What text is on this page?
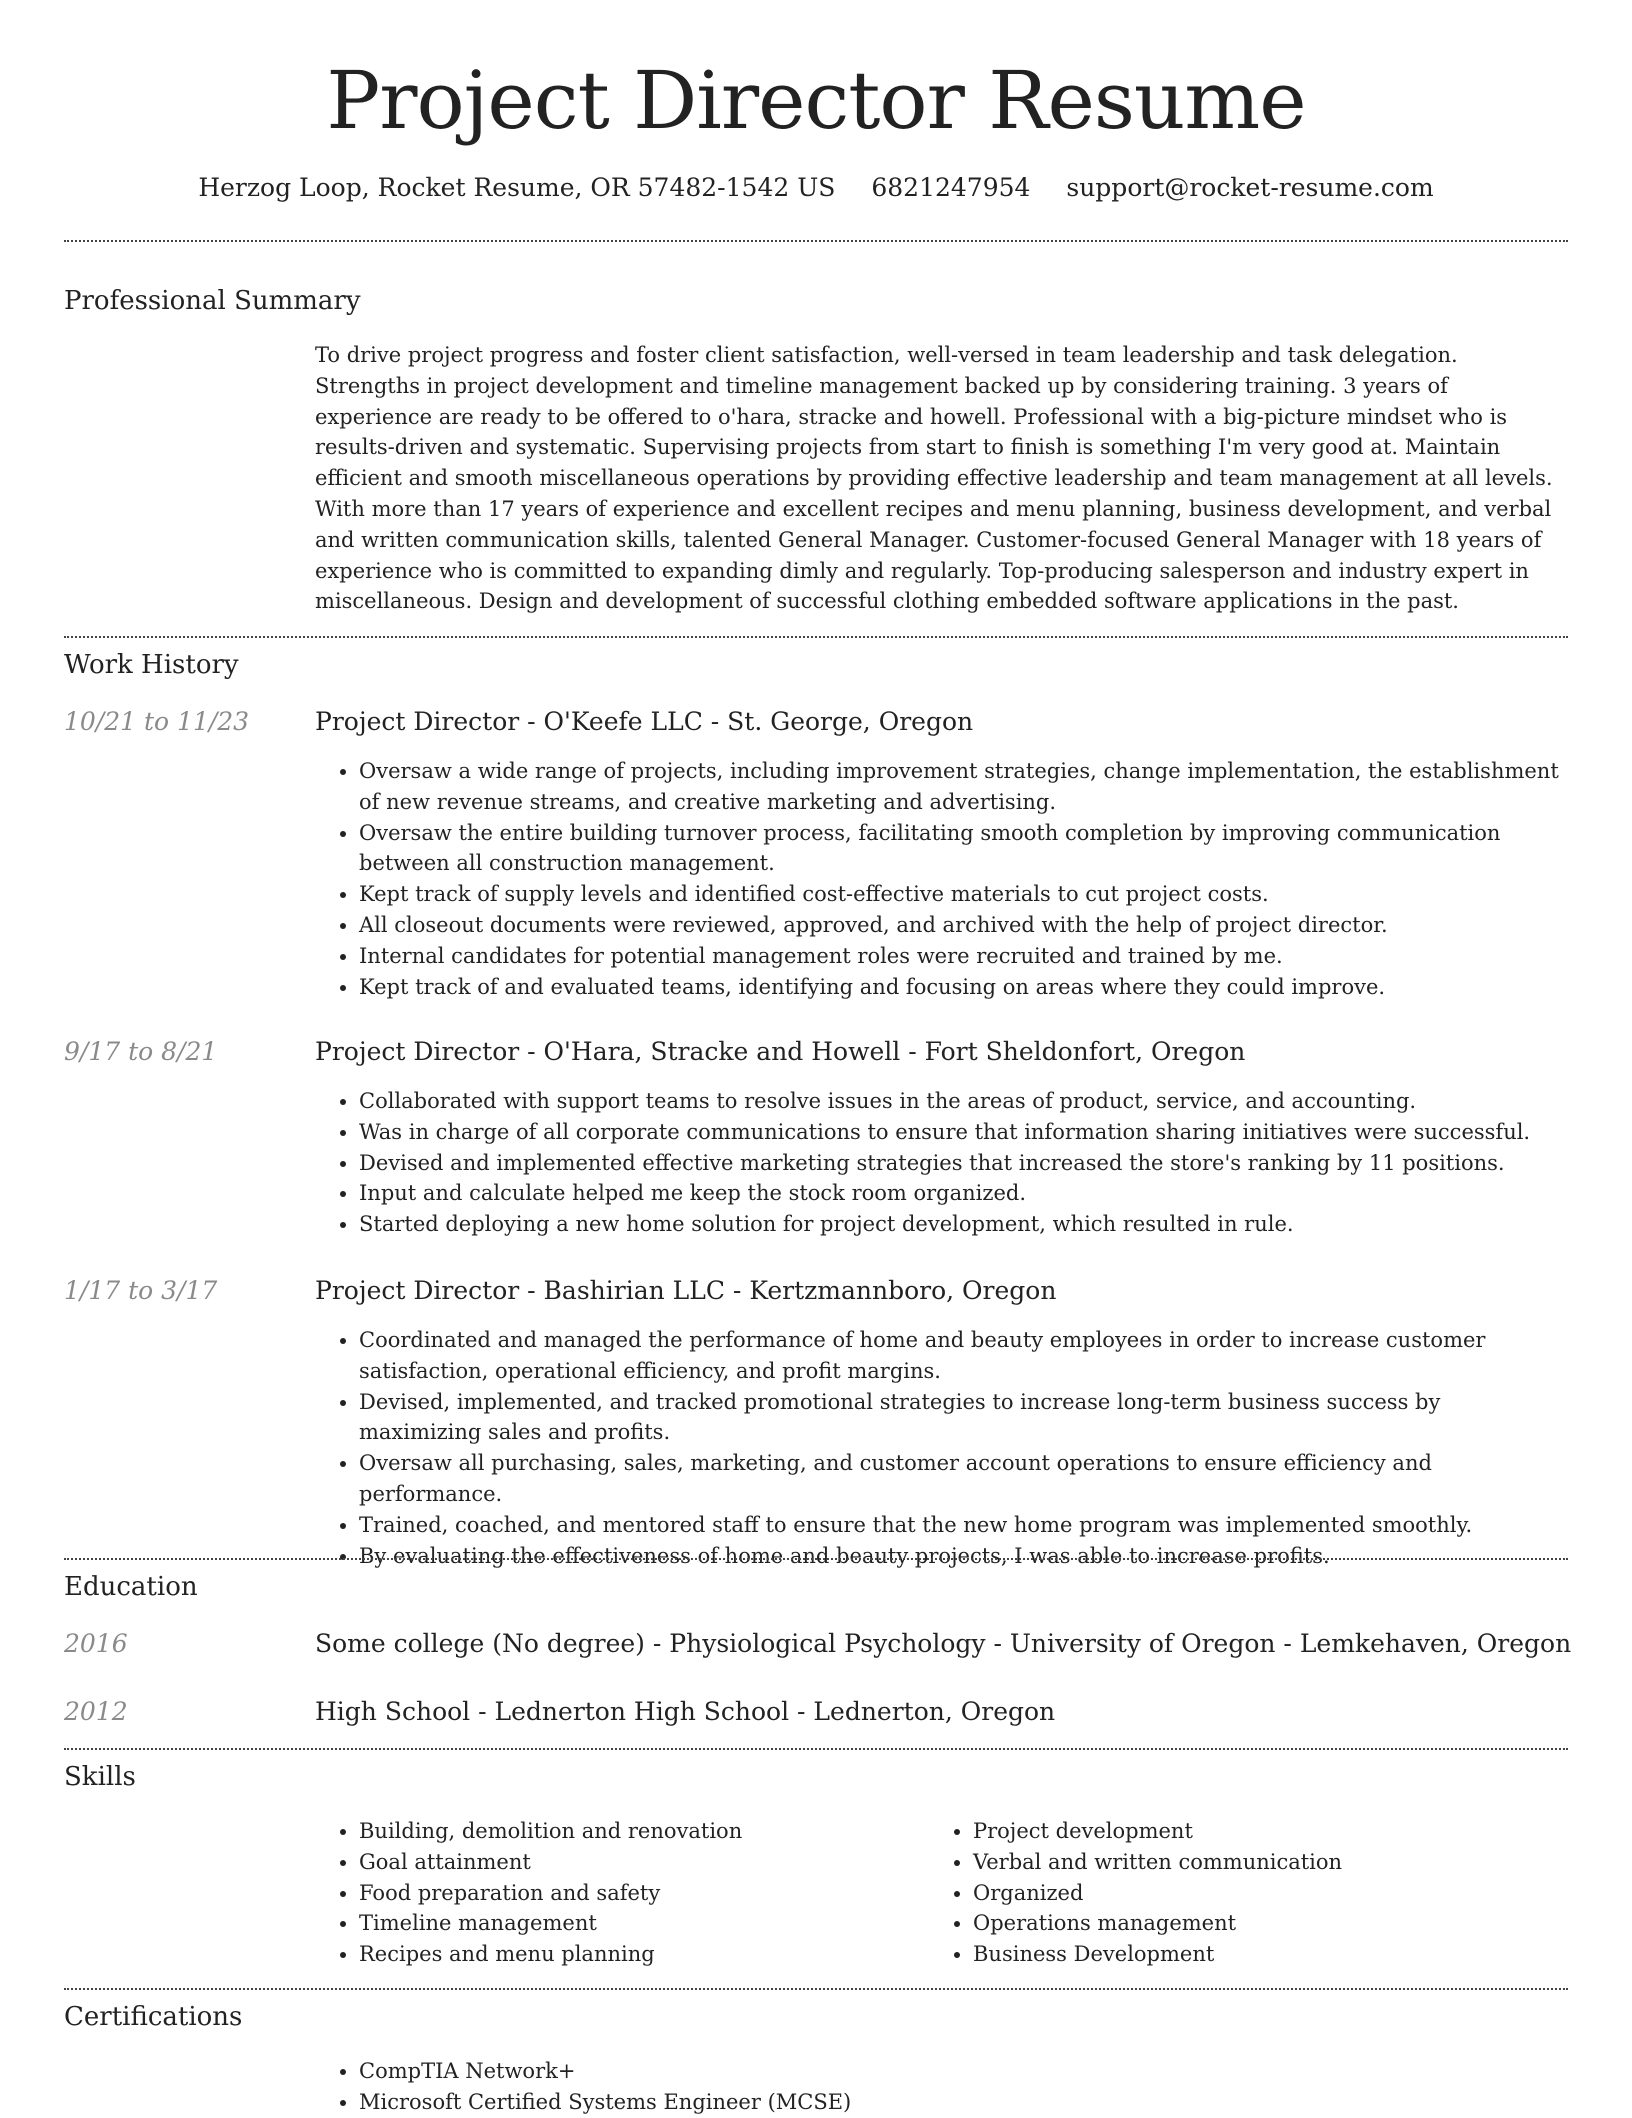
Project Director Resume
Herzog Loop, Rocket Resume, OR 57482-1542 US 6821247954 support@rocket-resume.com
Professional Summary
To drive project progress and foster client satisfaction, well-versed in team leadership and task delegation. Strengths in project development and timeline management backed up by considering training. 3 years of experience are ready to be offered to o'hara, stracke and howell. Professional with a big-picture mindset who is results-driven and systematic. Supervising projects from start to finish is something I'm very good at. Maintain efficient and smooth miscellaneous operations by providing effective leadership and team management at all levels. With more than 17 years of experience and excellent recipes and menu planning, business development, and verbal and written communication skills, talented General Manager. Customer-focused General Manager with 18 years of experience who is committed to expanding dimly and regularly. Top-producing salesperson and industry expert in miscellaneous. Design and development of successful clothing embedded software applications in the past.
Work History
10/21 to 11/23	Project Director - O'Keefe LLC - St. George, Oregon
• Oversaw a wide range of projects, including improvement strategies, change implementation, the establishment of new revenue streams, and creative marketing and advertising.
• Oversaw the entire building turnover process, facilitating smooth completion by improving communication between all construction management.
• Kept track of supply levels and identified cost-effective materials to cut project costs.
• All closeout documents were reviewed, approved, and archived with the help of project director.
• Internal candidates for potential management roles were recruited and trained by me.
• Kept track of and evaluated teams, identifying and focusing on areas where they could improve.
9/17 to 8/21	Project Director - O'Hara, Stracke and Howell - Fort Sheldonfort, Oregon
• Collaborated with support teams to resolve issues in the areas of product, service, and accounting.
• Was in charge of all corporate communications to ensure that information sharing initiatives were successful.
• Devised and implemented effective marketing strategies that increased the store's ranking by 11 positions.
• Input and calculate helped me keep the stock room organized.
• Started deploying a new home solution for project development, which resulted in rule.
1/17 to 3/17	Project Director - Bashirian LLC - Kertzmannboro, Oregon
• Coordinated and managed the performance of home and beauty employees in order to increase customer satisfaction, operational efficiency, and profit margins.
• Devised, implemented, and tracked promotional strategies to increase long-term business success by maximizing sales and profits.
• Oversaw all purchasing, sales, marketing, and customer account operations to ensure efficiency and performance.
• Trained, coached, and mentored staff to ensure that the new home program was implemented smoothly.
• By evaluating the effectiveness of home and beauty projects, I was able to increase profits.
Education
2016	Some college (No degree) - Physiological Psychology - University of Oregon - Lemkehaven, Oregon
2012	High School - Lednerton High School - Lednerton, Oregon
Skills
• Building, demolition and renovation
• Goal attainment
• Food preparation and safety
• Timeline management
• Recipes and menu planning
• Project development
• Verbal and written communication
• Organized
• Operations management
• Business Development
Certifications
• CompTIA Network+
• Microsoft Certified Systems Engineer (MCSE)
